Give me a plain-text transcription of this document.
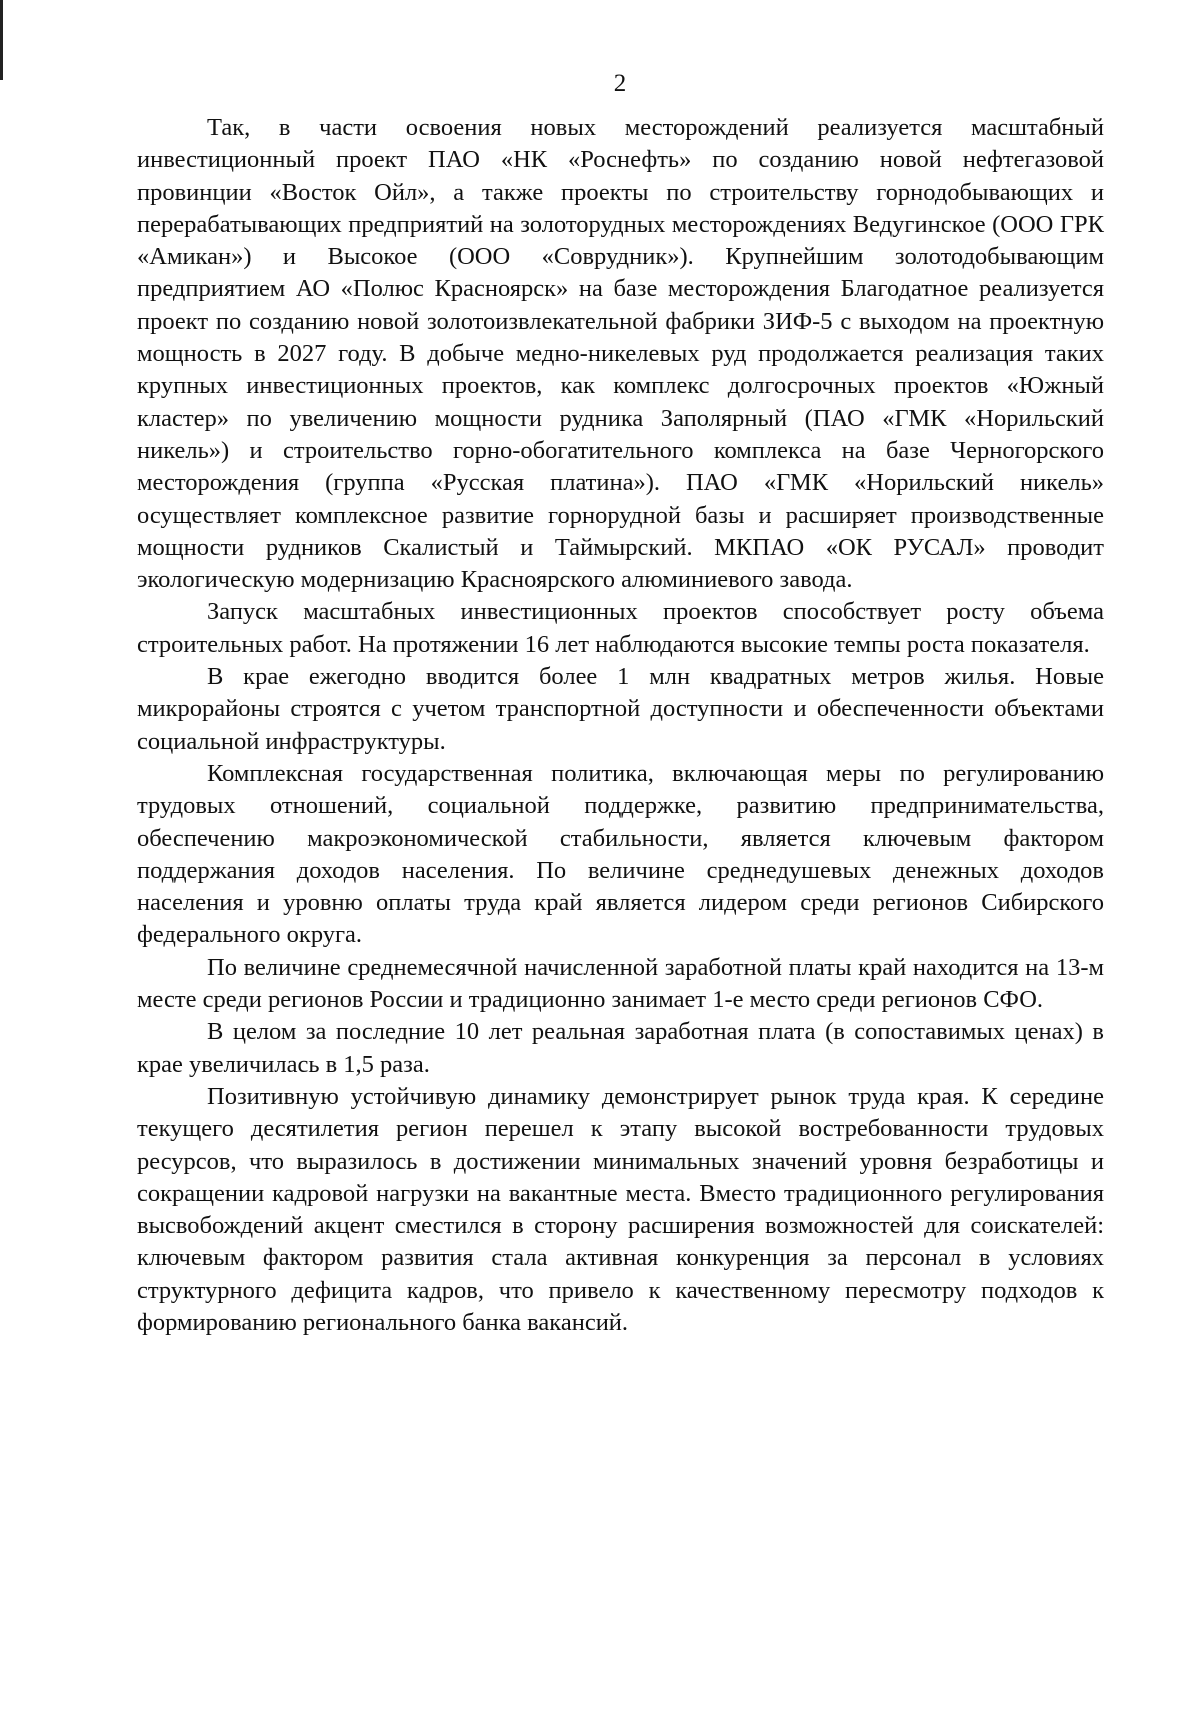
2

Так, в части освоения новых месторождений реализуется масштабный инвестиционный проект ПАО «НК «Роснефть» по созданию новой нефтегазовой провинции «Восток Ойл», а также проекты по строительству горнодобывающих и перерабатывающих предприятий на золоторудных месторождениях Ведугинское (ООО ГРК «Амикан») и Высокое (ООО «Соврудник»). Крупнейшим золотодобывающим предприятием АО «Полюс Красноярск» на базе месторождения Благодатное реализуется проект по созданию новой золотоизвлекательной фабрики ЗИФ-5 с выходом на проектную мощность в 2027 году. В добыче медно-никелевых руд продолжается реализация таких крупных инвестиционных проектов, как комплекс долгосрочных проектов «Южный кластер» по увеличению мощности рудника Заполярный (ПАО «ГМК «Норильский никель») и строительство горно-обогатительного комплекса на базе Черногорского месторождения (группа «Русская платина»). ПАО «ГМК «Норильский никель» осуществляет комплексное развитие горнорудной базы и расширяет производственные мощности рудников Скалистый и Таймырский. МКПАО «ОК РУСАЛ» проводит экологическую модернизацию Красноярского алюминиевого завода.

Запуск масштабных инвестиционных проектов способствует росту объема строительных работ. На протяжении 16 лет наблюдаются высокие темпы роста показателя.

В крае ежегодно вводится более 1 млн квадратных метров жилья. Новые микрорайоны строятся с учетом транспортной доступности и обеспеченности объектами социальной инфраструктуры.

Комплексная государственная политика, включающая меры по регулированию трудовых отношений, социальной поддержке, развитию предпринимательства, обеспечению макроэкономической стабильности, является ключевым фактором поддержания доходов населения. По величине среднедушевых денежных доходов населения и уровню оплаты труда край является лидером среди регионов Сибирского федерального округа.

По величине среднемесячной начисленной заработной платы край находится на 13-м месте среди регионов России и традиционно занимает 1-е место среди регионов СФО.

В целом за последние 10 лет реальная заработная плата (в сопоставимых ценах) в крае увеличилась в 1,5 раза.

Позитивную устойчивую динамику демонстрирует рынок труда края. К середине текущего десятилетия регион перешел к этапу высокой востребованности трудовых ресурсов, что выразилось в достижении минимальных значений уровня безработицы и сокращении кадровой нагрузки на вакантные места. Вместо традиционного регулирования высвобождений акцент сместился в сторону расширения возможностей для соискателей: ключевым фактором развития стала активная конкуренция за персонал в условиях структурного дефицита кадров, что привело к качественному пересмотру подходов к формированию регионального банка вакансий.
